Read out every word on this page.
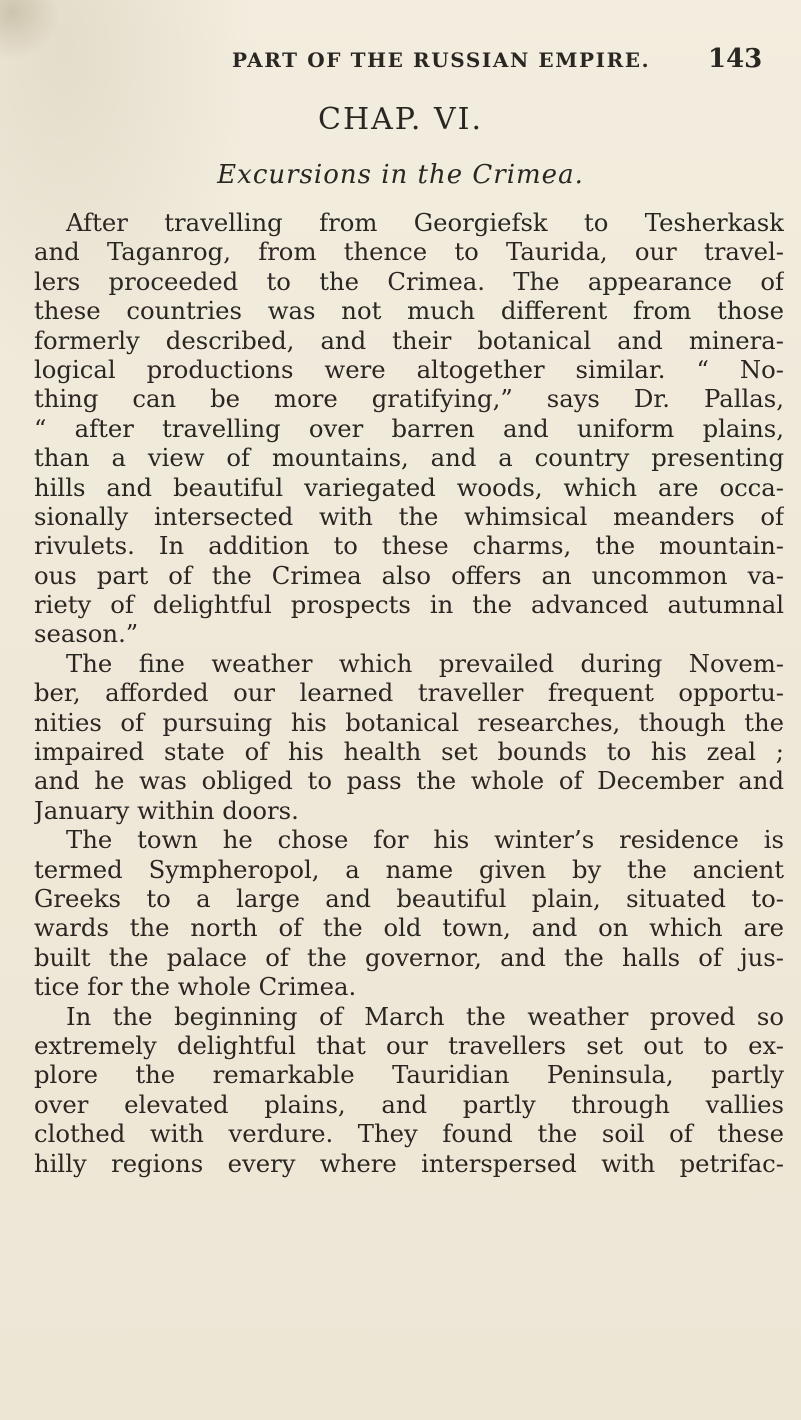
PART OF THE RUSSIAN EMPIRE. 143
CHAP. VI.
Excursions in the Crimea.
After travelling from Georgiefsk to Tesherkask
and Taganrog, from thence to Taurida, our travel-
lers proceeded to the Crimea. The appearance of
these countries was not much different from those
formerly described, and their botanical and minera-
logical productions were altogether similar. “ No-
thing can be more gratifying,” says Dr. Pallas,
“ after travelling over barren and uniform plains,
than a view of mountains, and a country presenting
hills and beautiful variegated woods, which are occa-
sionally intersected with the whimsical meanders of
rivulets. In addition to these charms, the mountain-
ous part of the Crimea also offers an uncommon va-
riety of delightful prospects in the advanced autumnal
season.”
The fine weather which prevailed during Novem-
ber, afforded our learned traveller frequent opportu-
nities of pursuing his botanical researches, though the
impaired state of his health set bounds to his zeal ;
and he was obliged to pass the whole of December and
January within doors.
The town he chose for his winter’s residence is
termed Sympheropol, a name given by the ancient
Greeks to a large and beautiful plain, situated to-
wards the north of the old town, and on which are
built the palace of the governor, and the halls of jus-
tice for the whole Crimea.
In the beginning of March the weather proved so
extremely delightful that our travellers set out to ex-
plore the remarkable Tauridian Peninsula, partly
over elevated plains, and partly through vallies
clothed with verdure. They found the soil of these
hilly regions every where interspersed with petrifac-
